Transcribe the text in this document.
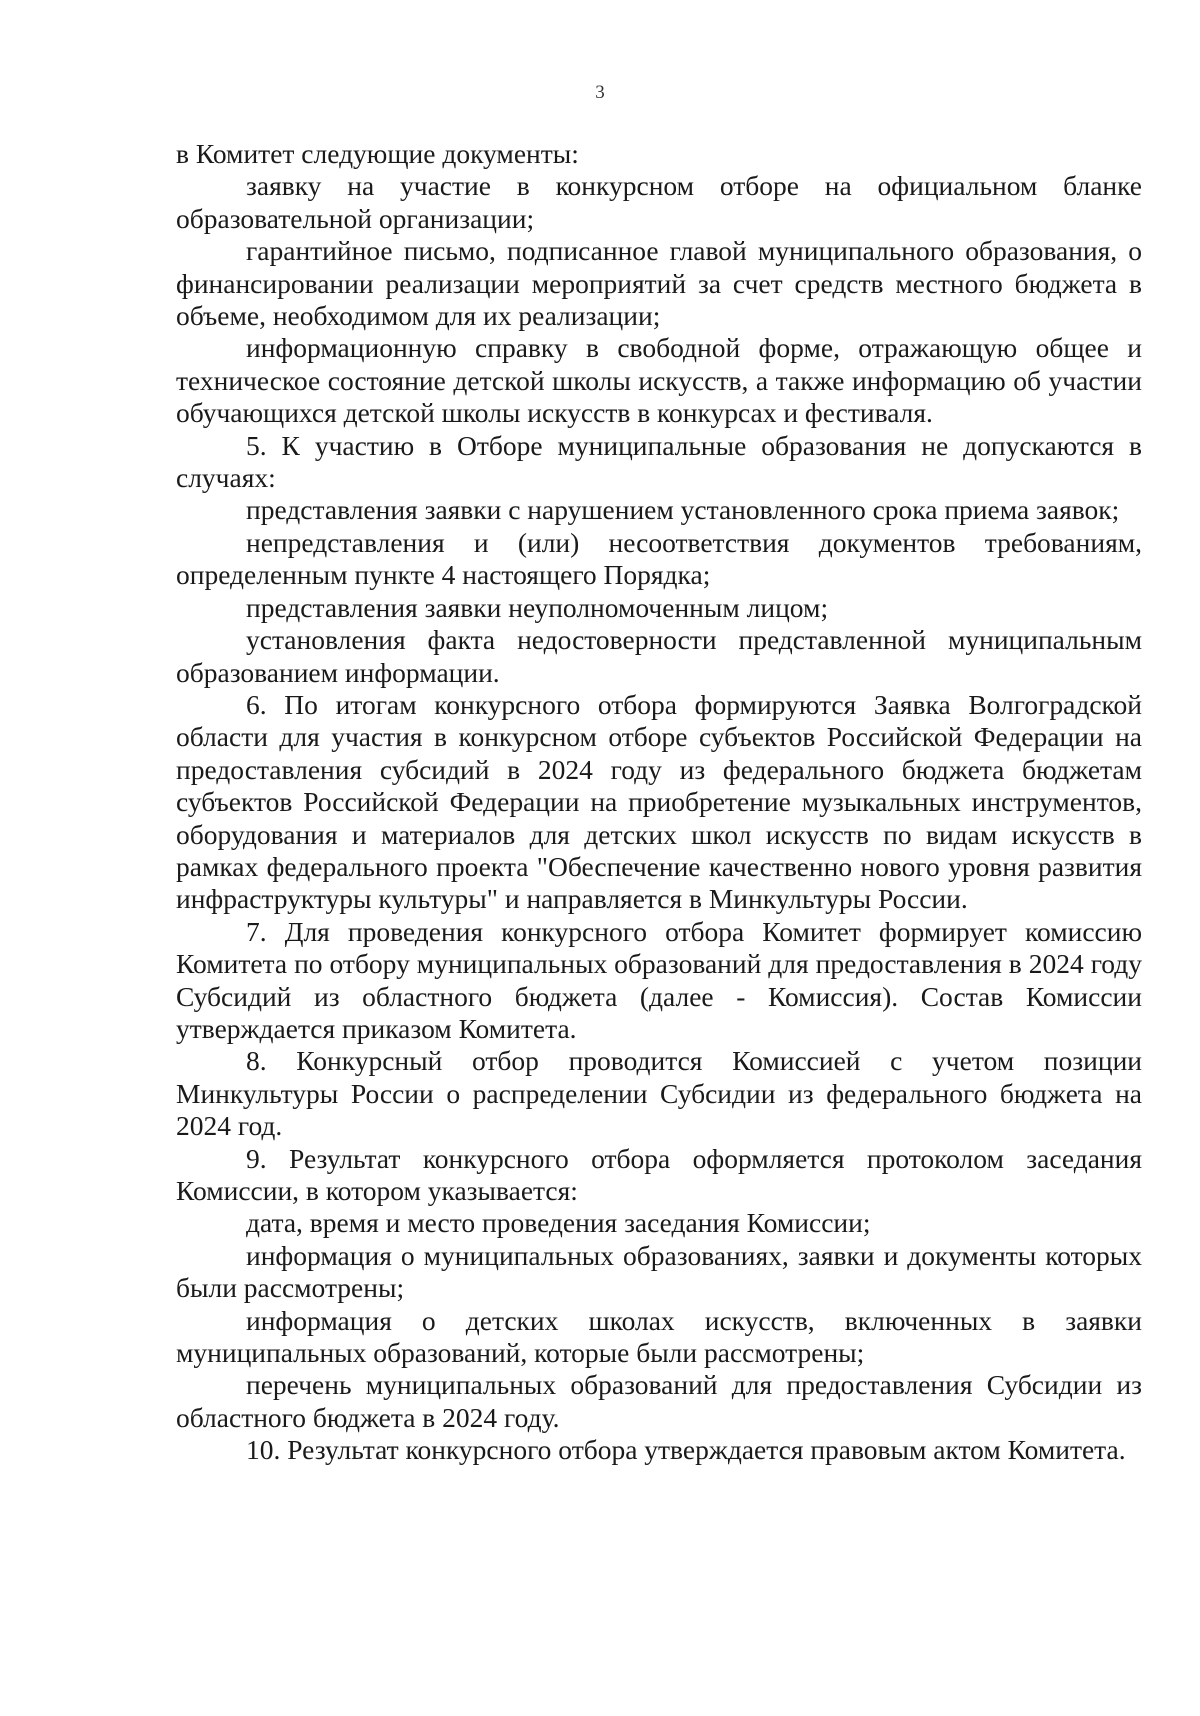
3

в Комитет следующие документы:

заявку на участие в конкурсном отборе на официальном бланке образовательной организации;

гарантийное письмо, подписанное главой муниципального образования, о финансировании реализации мероприятий за счет средств местного бюджета в объеме, необходимом для их реализации;

информационную справку в свободной форме, отражающую общее и техническое состояние детской школы искусств, а также информацию об участии обучающихся детской школы искусств в конкурсах и фестиваля.

5. К участию в Отборе муниципальные образования не допускаются в случаях:

представления заявки с нарушением установленного срока приема заявок;

непредставления и (или) несоответствия документов требованиям, определенным пункте 4 настоящего Порядка;

представления заявки неуполномоченным лицом;

установления факта недостоверности представленной муниципальным образованием информации.

6. По итогам конкурсного отбора формируются Заявка Волгоградской области для участия в конкурсном отборе субъектов Российской Федерации на предоставления субсидий в 2024 году из федерального бюджета бюджетам субъектов Российской Федерации на приобретение музыкальных инструментов, оборудования и материалов для детских школ искусств по видам искусств в рамках федерального проекта "Обеспечение качественно нового уровня развития инфраструктуры культуры" и направляется в Минкультуры России.

7. Для проведения конкурсного отбора Комитет формирует комиссию Комитета по отбору муниципальных образований для предоставления в 2024 году Субсидий из областного бюджета (далее - Комиссия). Состав Комиссии утверждается приказом Комитета.

8. Конкурсный отбор проводится Комиссией с учетом позиции Минкультуры России о распределении Субсидии из федерального бюджета на 2024 год.

9. Результат конкурсного отбора оформляется протоколом заседания Комиссии, в котором указывается:

дата, время и место проведения заседания Комиссии;

информация о муниципальных образованиях, заявки и документы которых были рассмотрены;

информация о детских школах искусств, включенных в заявки муниципальных образований, которые были рассмотрены;

перечень муниципальных образований для предоставления Субсидии из областного бюджета в 2024 году.

10. Результат конкурсного отбора утверждается правовым актом Комитета.
